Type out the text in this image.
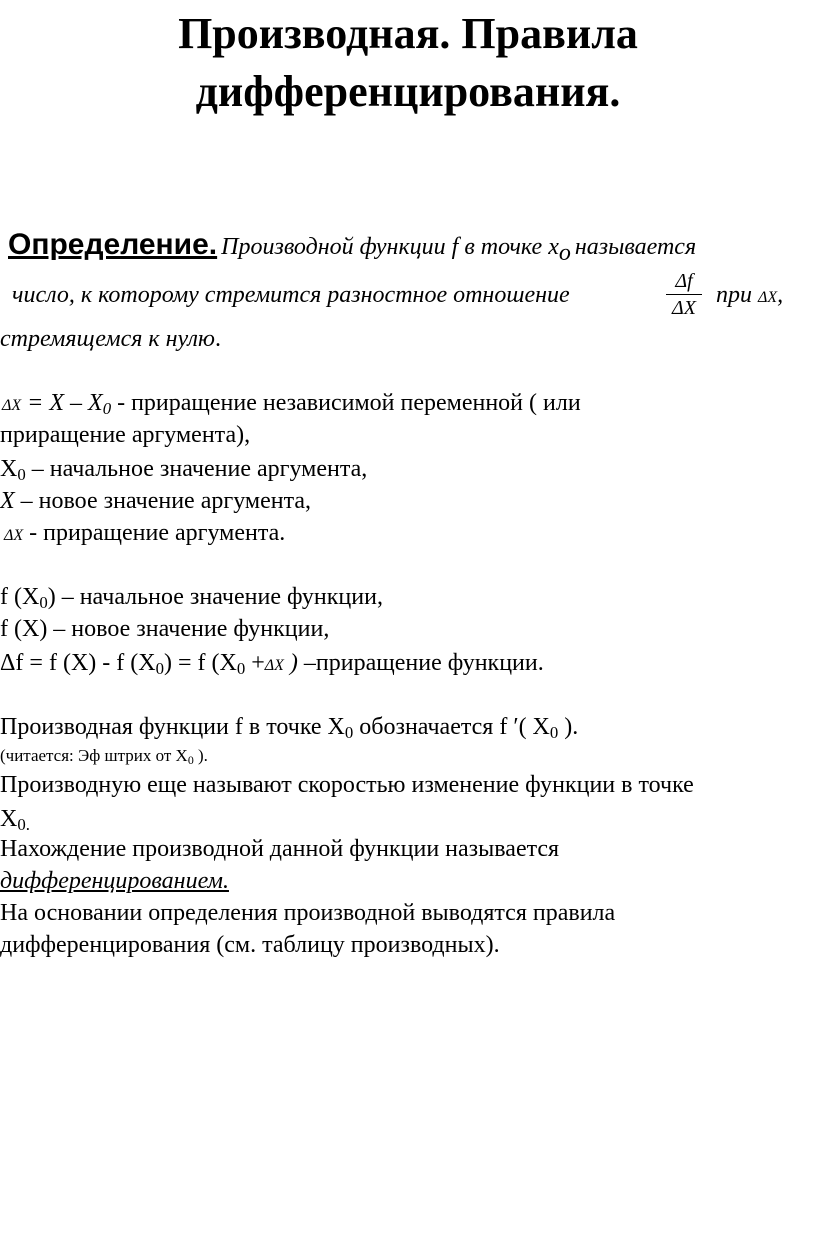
Производная. Правила
дифференцирования.
Определение. Производной функции f в точке $x_o$ называется
число, к которому стремится разностное отношение
Δf
ΔX при ΔX,
стремящемся к нулю.
$\Delta X = X - X_0$ - приращение независимой переменной ( или
приращение аргумента),
$X_0$ – начальное значение аргумента,
X – новое значение аргумента,
ΔX - приращение аргумента.
f $(X_0)$ – начальное значение функции,
f (X) – новое значение функции,
Δf = f (X) - f $(X_0) = f$ ($X_0 +\Delta X$ ) –приращение функции.
Производная функции f в точке $X_0$ обозначается f ′( $X_0$ ).
(читается: Эф штрих от $X_0$ ).
Производную еще называют скоростью изменение функции в точке
$X_{0.}$
Нахождение производной данной функции называется
дифференцированием.
На основании определения производной выводятся правила
дифференцирования (см. таблицу производных).
